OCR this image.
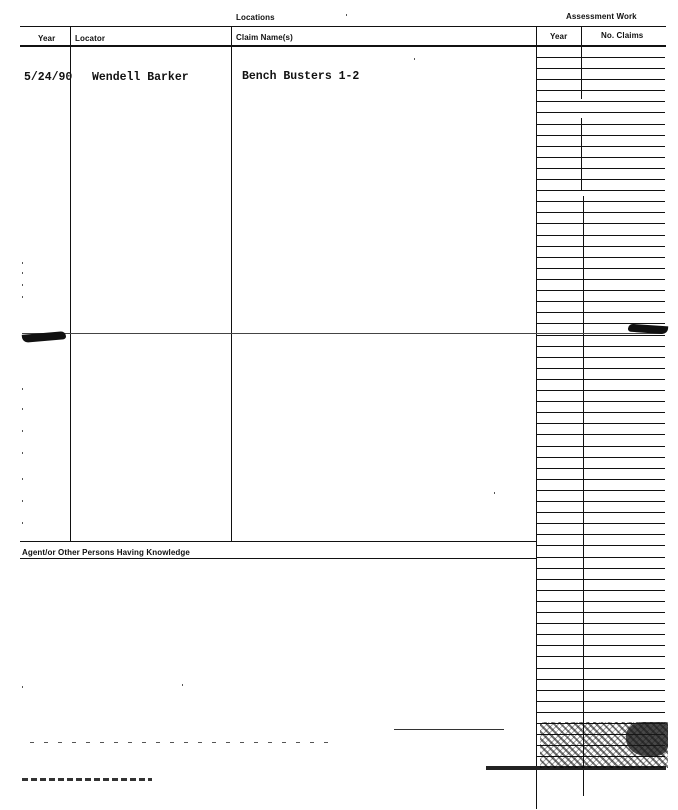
Locations	Assessment Work
Year Locator	Claim Name(s)	Year	No. Claims
5/24/90 Wendell Barker	Bench Busters 1-2
Agent/or Other Persons Having Knowledge
